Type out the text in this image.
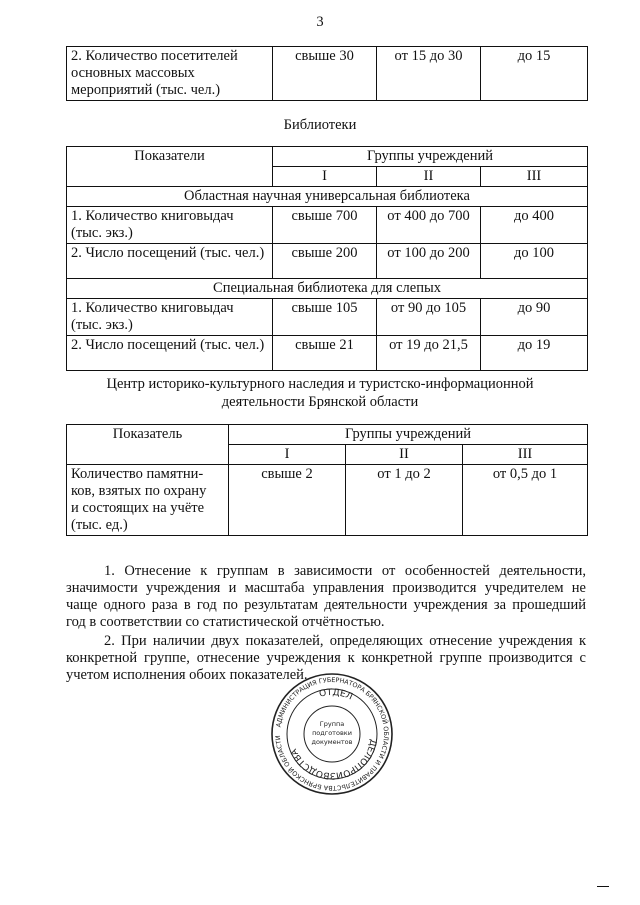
3
2. Количество посетителей основных массовых мероприятий (тыс. чел.)	свыше 30	от 15 до 30	до 15
Библиотеки
Показатели	Группы учреждений		
	I	II	III
Областная научная универсальная библиотека			
1. Количество книговыдач (тыс. экз.)	свыше 700	от 400 до 700	до 400
2. Число посещений (тыс. чел.)	свыше 200	от 100 до 200	до 100
Специальная библиотека для слепых			
1. Количество книговыдач (тыс. экз.)	свыше 105	от 90 до 105	до 90
2. Число посещений (тыс. чел.)	свыше 21	от 19 до 21,5	до 19
Центр историко-культурного наследия и туристско-информационной
деятельности Брянской области
Показатель	Группы учреждений		
	I	II	III

Количество памятни-
ков, взятых по охрану
и состоящих на учёте
(тыс. ед.)	свыше 2	от 1 до 2	от 0,5 до 1
1. Отнесение к группам в зависимости от особенностей деятельности,
значимости учреждения и масштаба управления производится учредителем не
чаще одного раза в год по результатам деятельности учреждения за прошедший
год в соответствии со статистической отчётностью.
2. При наличии двух показателей, определяющих отнесение учреждения к
конкретной группе, отнесение учреждения к конкретной группе производится с
учетом исполнения обоих показателей.
АДМИНИСТРАЦИЯ ГУБЕРНАТОРА БРЯНСКОЙ ОБЛАСТИ И ПРАВИТЕЛЬСТВА БРЯНСКОЙ ОБЛАСТИ
ОТДЕЛ
ДЕЛОПРОИЗВОДСТВА
Группа
подготовки
документов
